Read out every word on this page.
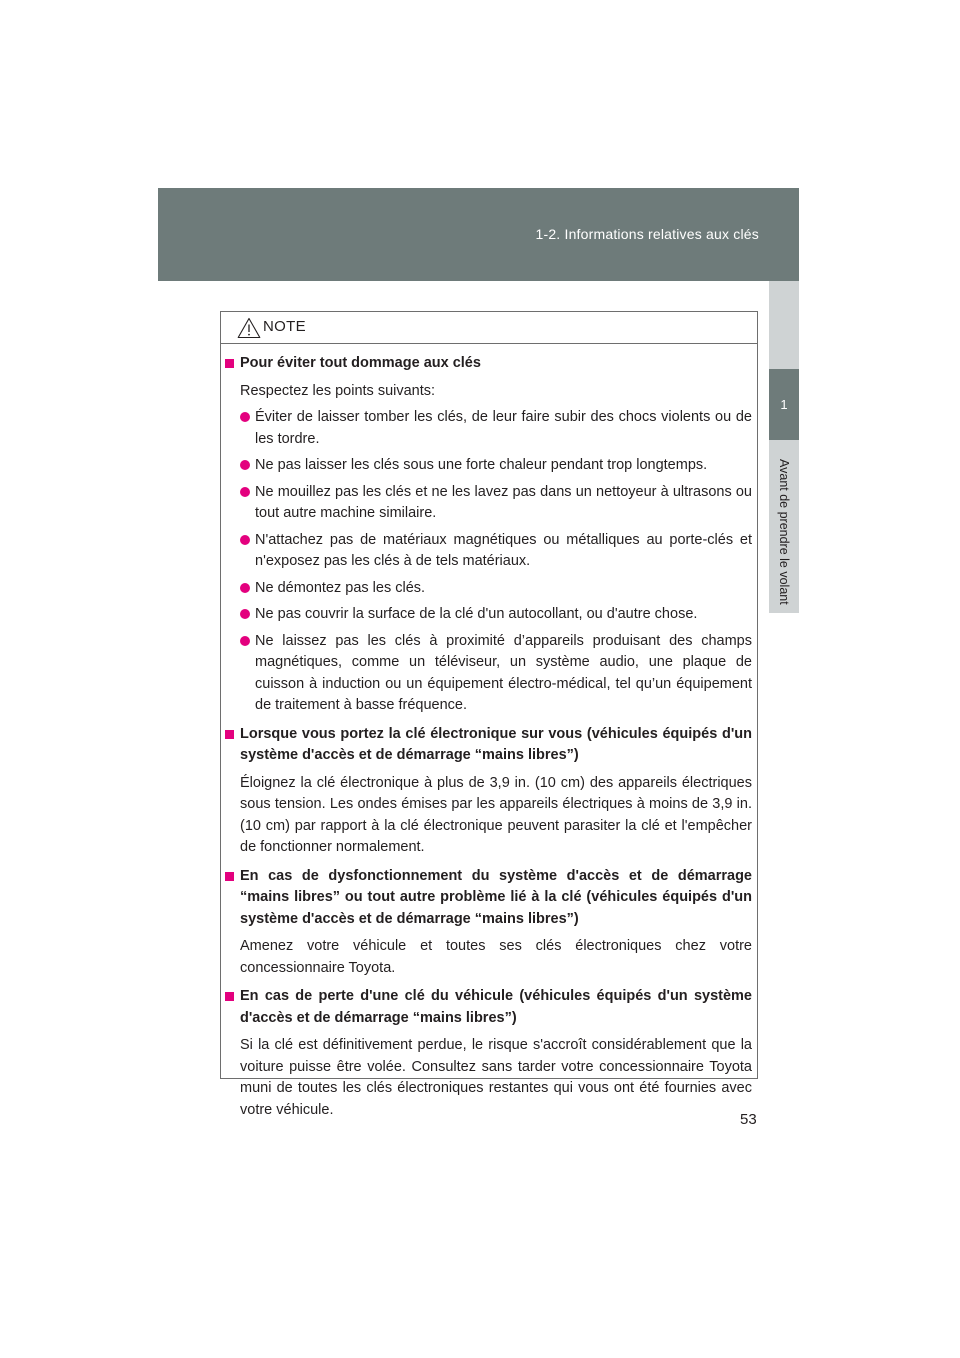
1-2. Informations relatives aux clés
1
Avant de prendre le volant
NOTE
Pour éviter tout dommage aux clés
Respectez les points suivants:
Éviter de laisser tomber les clés, de leur faire subir des chocs violents ou de les tordre.
Ne pas laisser les clés sous une forte chaleur pendant trop longtemps.
Ne mouillez pas les clés et ne les lavez pas dans un nettoyeur à ultrasons ou tout autre machine similaire.
N'attachez pas de matériaux magnétiques ou métalliques au porte-clés et n'exposez pas les clés à de tels matériaux.
Ne démontez pas les clés.
Ne pas couvrir la surface de la clé d'un autocollant, ou d'autre chose.
Ne laissez pas les clés à proximité d’appareils produisant des champs magnétiques, comme un téléviseur, un système audio, une plaque de cuisson à induction ou un équipement électro-médical, tel qu’un équipement de traitement à basse fréquence.
Lorsque vous portez la clé électronique sur vous (véhicules équipés d'un système d'accès et de démarrage “mains libres”)
Éloignez la clé électronique à plus de 3,9 in. (10 cm) des appareils électriques sous tension. Les ondes émises par les appareils électriques à moins de 3,9 in. (10 cm) par rapport à la clé électronique peuvent parasiter la clé et l'empêcher de fonctionner normalement.
En cas de dysfonctionnement du système d'accès et de démarrage “mains libres” ou tout autre problème lié à la clé (véhicules équipés d'un système d'accès et de démarrage “mains libres”)
Amenez votre véhicule et toutes ses clés électroniques chez votre concessionnaire Toyota.
En cas de perte d'une clé du véhicule (véhicules équipés d'un système d'accès et de démarrage “mains libres”)
Si la clé est définitivement perdue, le risque s'accroît considérablement que la voiture puisse être volée. Consultez sans tarder votre concessionnaire Toyota muni de toutes les clés électroniques restantes qui vous ont été fournies avec votre véhicule.
53
